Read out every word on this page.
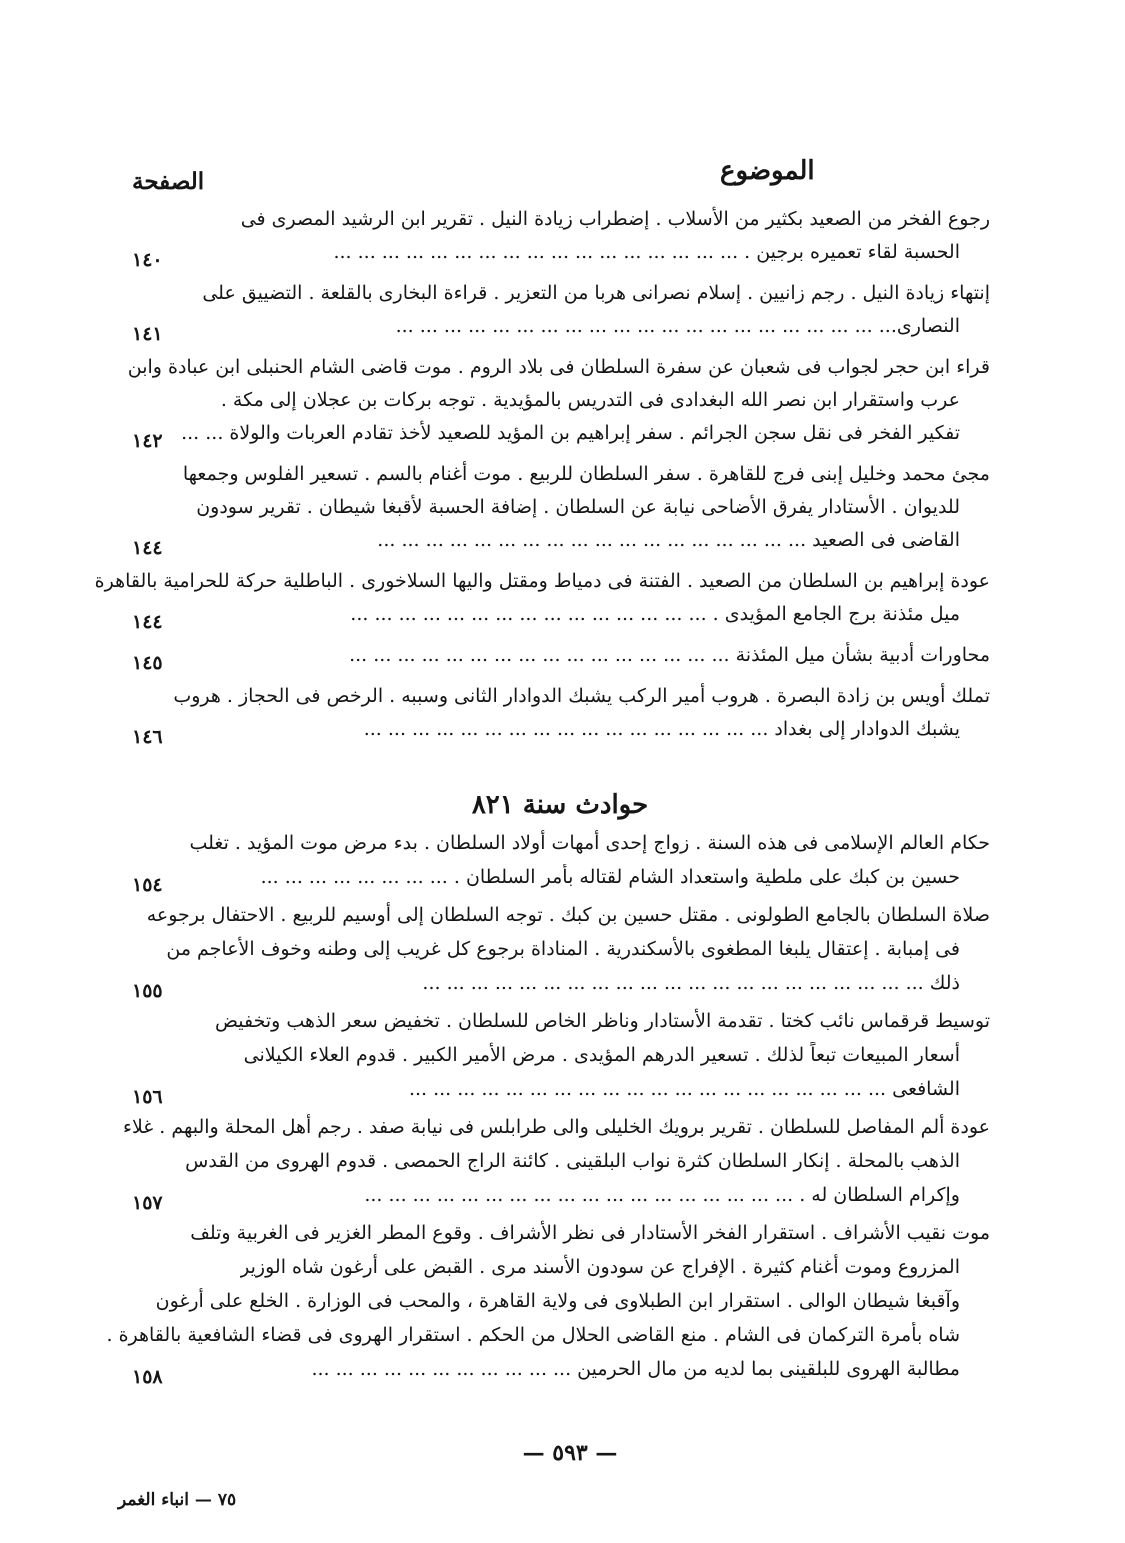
الموضوع
الصفحة
رجوع الفخر من الصعيد بكثير من الأسلاب . إضطراب زيادة النيل . تقرير ابن الرشيد المصرى فى
الحسبة لقاء تعميره برجين . ... ... ... ... ... ... ... ... ... ... ... ... ... ... ... ... ...
١٤٠
إنتهاء زيادة النيل . رجم زانيين . إسلام نصرانى هربا من التعزير . قراءة البخارى بالقلعة . التضييق على
النصارى... ... ... ... ... ... ... ... ... ... ... ... ... ... ... ... ... ... ... ... ...
١٤١
قراء ابن حجر لجواب فى شعبان عن سفرة السلطان فى بلاد الروم . موت قاضى الشام الحنبلى ابن عبادة وابن
عرب واستقرار ابن نصر الله البغدادى فى التدريس بالمؤيدية . توجه بركات بن عجلان إلى مكة .
تفكير الفخر فى نقل سجن الجرائم . سفر إبراهيم بن المؤيد للصعيد لأخذ تقادم العربات والولاة ... ...
١٤٢
مجئ محمد وخليل إبنى فرج للقاهرة . سفر السلطان للربيع . موت أغنام بالسم . تسعير الفلوس وجمعها
للديوان . الأستادار يفرق الأضاحى نيابة عن السلطان . إضافة الحسبة لأقبغا شيطان . تقرير سودون
القاضى فى الصعيد ... ... ... ... ... ... ... ... ... ... ... ... ... ... ... ... ... ...
١٤٤
عودة إبراهيم بن السلطان من الصعيد . الفتنة فى دمياط ومقتل واليها السلاخورى . الباطلية حركة للحرامية بالقاهرة
ميل مئذنة برج الجامع المؤيدى . ... ... ... ... ... ... ... ... ... ... ... ... ... ... ...
١٤٤
محاورات أدبية بشأن ميل المئذنة ... ... ... ... ... ... ... ... ... ... ... ... ... ... ... ...
١٤٥
تملك أويس بن زادة البصرة . هروب أمير الركب يشبك الدوادار الثانى وسببه . الرخص فى الحجاز . هروب
يشبك الدوادار إلى بغداد ... ... ... ... ... ... ... ... ... ... ... ... ... ... ... ... ...
١٤٦
حوادث سنة ٨٢١
حكام العالم الإسلامى فى هذه السنة . زواج إحدى أمهات أولاد السلطان . بدء مرض موت المؤيد . تغلب
حسين بن كبك على ملطية واستعداد الشام لقتاله بأمر السلطان . ... ... ... ... ... ... ... ...
١٥٤
صلاة السلطان بالجامع الطولونى . مقتل حسين بن كبك . توجه السلطان إلى أوسيم للربيع . الاحتفال برجوعه
فى إمبابة . إعتقال يلبغا المطغوى بالأسكندرية . المناداة برجوع كل غريب إلى وطنه وخوف الأعاجم من
ذلك ... ... ... ... ... ... ... ... ... ... ... ... ... ... ... ... ... ... ... ... ...
١٥٥
توسيط قرقماس نائب كختا . تقدمة الأستادار وناظر الخاص للسلطان . تخفيض سعر الذهب وتخفيض
أسعار المبيعات تبعاً لذلك . تسعير الدرهم المؤيدى . مرض الأمير الكبير . قدوم العلاء الكيلانى
الشافعى ... ... ... ... ... ... ... ... ... ... ... ... ... ... ... ... ... ... ... ...
١٥٦
عودة ألم المفاصل للسلطان . تقرير برويك الخليلى والى طرابلس فى نيابة صفد . رجم أهل المحلة والبهم . غلاء
الذهب بالمحلة . إنكار السلطان كثرة نواب البلقينى . كائنة الراج الحمصى . قدوم الهروى من القدس
وإكرام السلطان له . ... ... ... ... ... ... ... ... ... ... ... ... ... ... ... ... ... ...
١٥٧
موت نقيب الأشراف . استقرار الفخر الأستادار فى نظر الأشراف . وقوع المطر الغزير فى الغربية وتلف
المزروع وموت أغنام كثيرة . الإفراج عن سودون الأسند مرى . القبض على أرغون شاه الوزير
وآقبغا شيطان الوالى . استقرار ابن الطبلاوى فى ولاية القاهرة ، والمحب فى الوزارة . الخلع على أرغون
شاه بأمرة التركمان فى الشام . منع القاضى الحلال من الحكم . استقرار الهروى فى قضاء الشافعية بالقاهرة .
مطالبة الهروى للبلقينى بما لديه من مال الحرمين ... ... ... ... ... ... ... ... ... ... ...
١٥٨
— ٥٩٣ —
٧٥ — انباء الغمر
